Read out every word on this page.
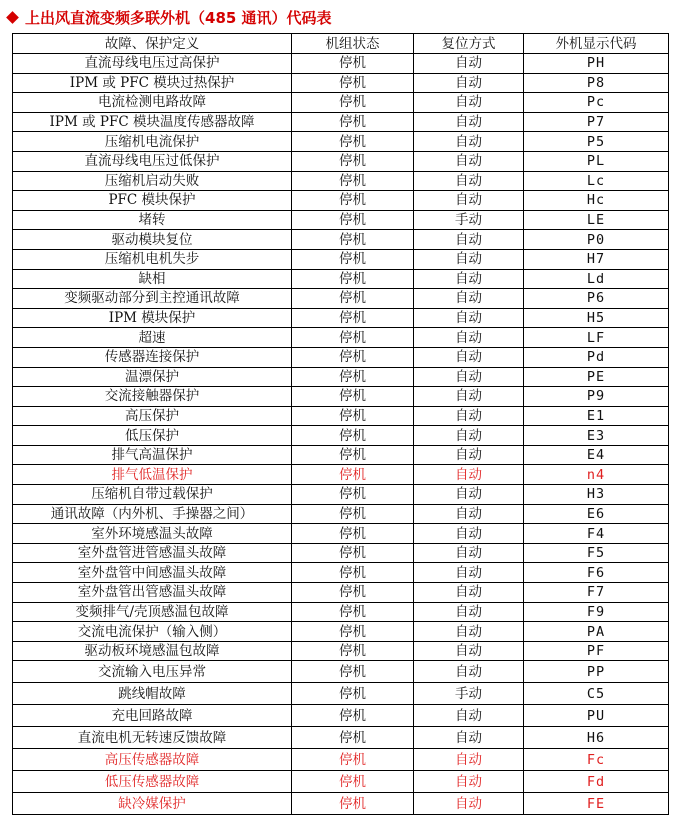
上出风直流变频多联外机（485 通讯）代码表
故障、保护定义	机组状态	复位方式	外机显示代码
直流母线电压过高保护	停机	自动	PH
IPM 或 PFC 模块过热保护	停机	自动	P8
电流检测电路故障	停机	自动	Pc
IPM 或 PFC 模块温度传感器故障	停机	自动	P7
压缩机电流保护	停机	自动	P5
直流母线电压过低保护	停机	自动	PL
压缩机启动失败	停机	自动	Lc
PFC 模块保护	停机	自动	Hc
堵转	停机	手动	LE
驱动模块复位	停机	自动	P0
压缩机电机失步	停机	自动	H7
缺相	停机	自动	Ld
变频驱动部分到主控通讯故障	停机	自动	P6
IPM 模块保护	停机	自动	H5
超速	停机	自动	LF
传感器连接保护	停机	自动	Pd
温漂保护	停机	自动	PE
交流接触器保护	停机	自动	P9
高压保护	停机	自动	E1
低压保护	停机	自动	E3
排气高温保护	停机	自动	E4
排气低温保护	停机	自动	n4
压缩机自带过载保护	停机	自动	H3
通讯故障（内外机、手操器之间）	停机	自动	E6
室外环境感温头故障	停机	自动	F4
室外盘管进管感温头故障	停机	自动	F5
室外盘管中间感温头故障	停机	自动	F6
室外盘管出管感温头故障	停机	自动	F7
变频排气/壳顶感温包故障	停机	自动	F9
交流电流保护（输入侧）	停机	自动	PA
驱动板环境感温包故障	停机	自动	PF
交流输入电压异常	停机	自动	PP
跳线帽故障	停机	手动	C5
充电回路故障	停机	自动	PU
直流电机无转速反馈故障	停机	自动	H6
高压传感器故障	停机	自动	Fc
低压传感器故障	停机	自动	Fd
缺冷媒保护	停机	自动	FE
